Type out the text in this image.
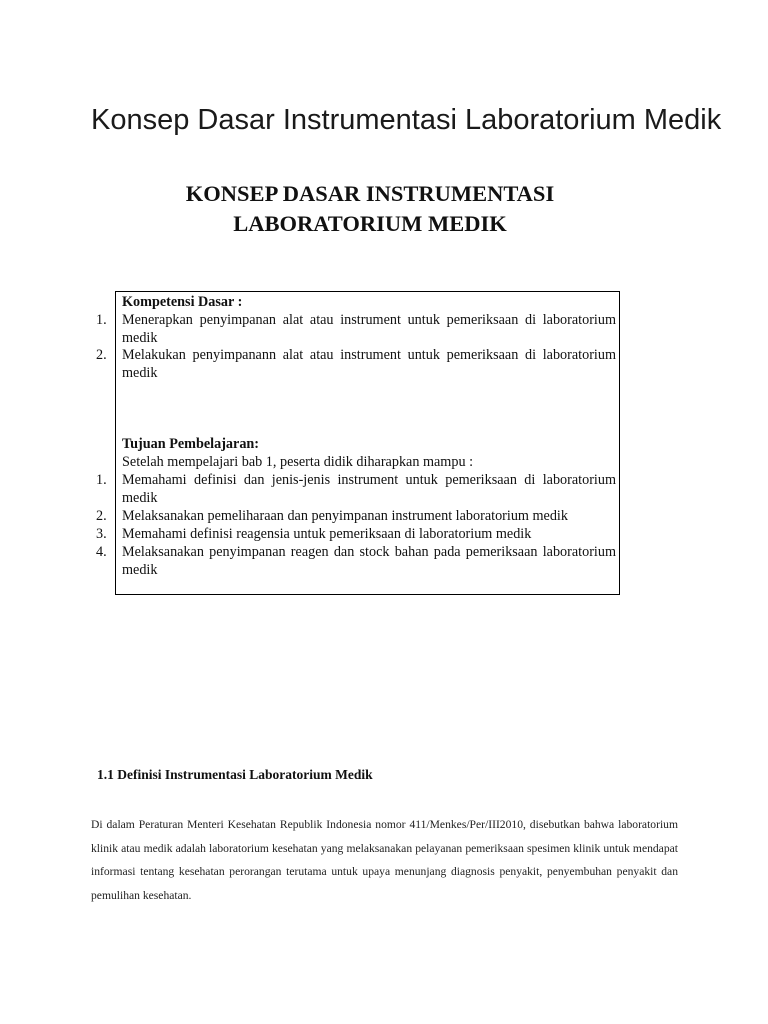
Konsep Dasar Instrumentasi Laboratorium Medik
KONSEP DASAR INSTRUMENTASI
LABORATORIUM MEDIK
Kompetensi Dasar :
1.	Menerapkan penyimpanan alat atau instrument untuk pemeriksaan di laboratorium medik
2.	Melakukan penyimpanann alat atau instrument untuk pemeriksaan di laboratorium medik
Tujuan Pembelajaran:
Setelah mempelajari bab 1, peserta didik diharapkan mampu :
1.	Memahami definisi dan jenis-jenis instrument untuk pemeriksaan di laboratorium medik
2.	Melaksanakan pemeliharaan dan penyimpanan instrument laboratorium medik
3.	Memahami definisi reagensia untuk pemeriksaan di laboratorium medik
4.	Melaksanakan penyimpanan reagen dan stock bahan pada pemeriksaan laboratorium medik
1.1 Definisi Instrumentasi Laboratorium Medik

Di dalam Peraturan Menteri Kesehatan Republik Indonesia nomor 411/Menkes/Per/III2010, disebutkan bahwa laboratorium klinik atau medik adalah laboratorium kesehatan yang melaksanakan pelayanan pemeriksaan spesimen klinik untuk mendapat informasi tentang kesehatan perorangan terutama untuk upaya menunjang diagnosis penyakit, penyembuhan penyakit dan pemulihan kesehatan.
